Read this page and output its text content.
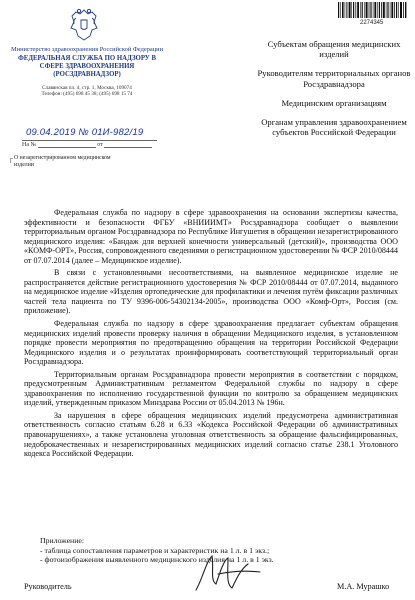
Министерство здравоохранения Российской Федерации
ФЕДЕРАЛЬНАЯ СЛУЖБА ПО НАДЗОРУ В СФЕРЕ ЗДРАВООХРАНЕНИЯ (РОСЗДРАВНАДЗОР)
Славянская пл. 4, стр. 1, Москва, 109074
Телефон: (495) 698 45 38; (495) 698 15 74
09.04.2019 № 01И-982/19
На №	от
┌ О незарегистрированном медицинском изделии
2274345
Субъектам обращения медицинских изделий
Руководителям территориальных органов Росздравнадзора
Медицинским организациям
Органам управления здравоохранением субъектов Российской Федерации

Федеральная служба по надзору в сфере здравоохранения на основании экспертизы качества, эффективности и безопасности ФГБУ «ВНИИИМТ» Росздравнадзора сообщает о выявлении территориальным органом Росздравнадзора по Республике Ингушетия в обращении незарегистрированного медицинского изделия: «Бандаж для верхней конечности универсальный (детский)», производства ООО «КОМФ-ОРТ», Россия, сопровожденного сведениями о регистрационном удостоверении № ФСР 2010/08444 от 07.07.2014 (далее – Медицинское изделие).

В связи с установленными несоответствиями, на выявленное медицинское изделие не распространяется действие регистрационного удостоверения № ФСР 2010/08444 от 07.07.2014, выданного на медицинское изделие «Изделия ортопедические для профилактики и лечения путём фиксации различных частей тела пациента по ТУ 9396-006-54302134-2005», производства ООО «Комф-Орт», Россия (см. приложение).

Федеральная служба по надзору в сфере здравоохранения предлагает субъектам обращения медицинских изделий провести проверку наличия в обращении Медицинского изделия, в установленном порядке провести мероприятия по предотвращению обращения на территории Российской Федерации Медицинского изделия и о результатах проинформировать соответствующий территориальный орган Росздравнадзора.

Территориальным органам Росздравнадзора провести мероприятия в соответствии с порядком, предусмотренным Административным регламентом Федеральной службы по надзору в сфере здравоохранения по исполнению государственной функции по контролю за обращением медицинских изделий, утвержденным приказом Минздрава России от 05.04.2013 № 196н.

За нарушения в сфере обращения медицинских изделий предусмотрена административная ответственность согласно статьям 6.28 и 6.33 «Кодекса Российской Федерации об административных правонарушениях», а также установлена уголовная ответственность за обращение фальсифицированных, недоброкачественных и незарегистрированных медицинских изделий согласно статье 238.1 Уголовного кодекса Российской Федерации.

Приложение:
- таблица сопоставления параметров и характеристик на 1 л. в 1 экз.;
- фотоизображения выявленного медицинского изделия на 1 л. в 1 экз.
Руководитель	М.А. Мурашко
